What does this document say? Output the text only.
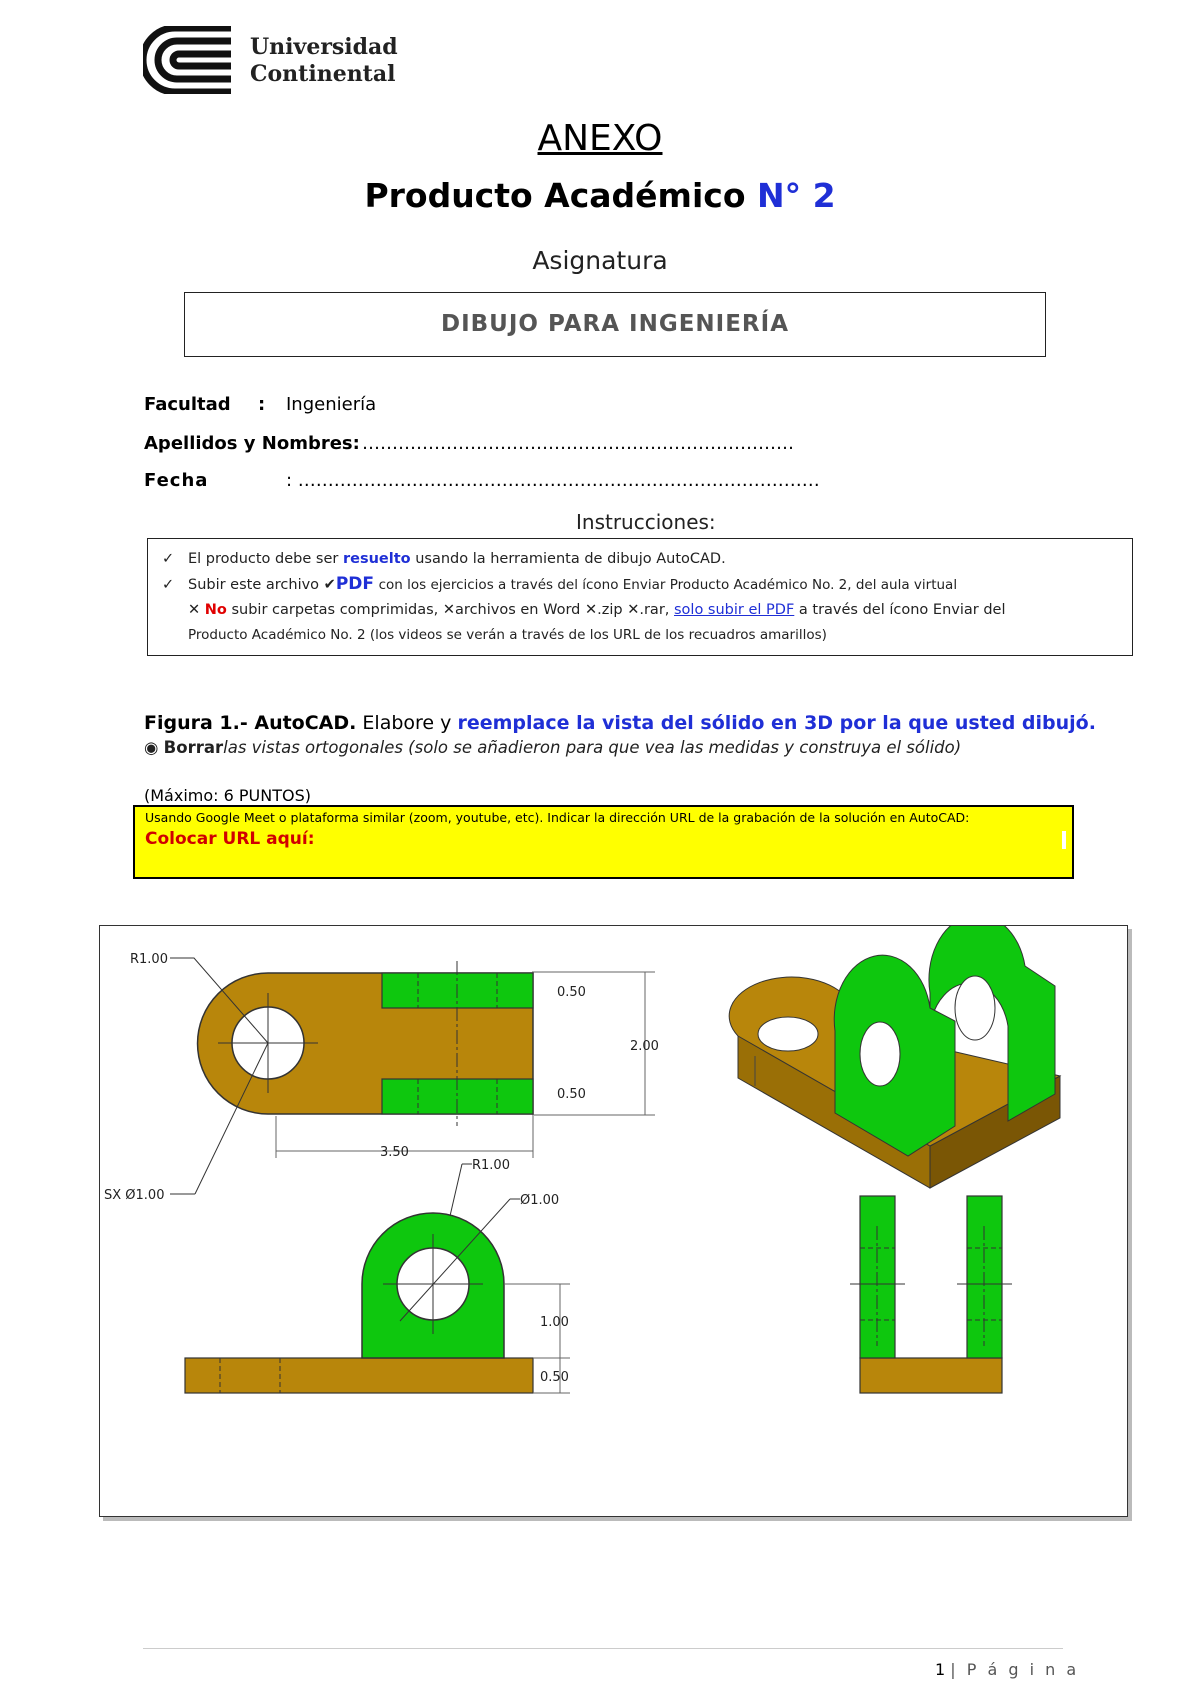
Universidad
Continental
ANEXO
Producto Académico N° 2
Asignatura
DIBUJO PARA INGENIERÍA
Facultad : Ingeniería
Apellidos y Nombres: ………………………………………………………………
Fecha	: ……………………………………………………………………………
Instrucciones:
✓ El producto debe ser resuelto usando la herramienta de dibujo AutoCAD.
✓ Subir este archivo ✔PDF con los ejercicios a través del ícono Enviar Producto Académico No. 2, del aula virtual
✕ No subir carpetas comprimidas, ✕archivos en Word ✕.zip ✕.rar, solo subir el PDF a través del ícono Enviar del
Producto Académico No. 2 (los videos se verán a través de los URL de los recuadros amarillos)
Figura 1.- AutoCAD. Elabore y reemplace la vista del sólido en 3D por la que usted dibujó.
◉ Borrarlas vistas ortogonales (solo se añadieron para que vea las medidas y construya el sólido)
(Máximo: 6 PUNTOS)
Usando Google Meet o plataforma similar (zoom, youtube, etc). Indicar la dirección URL de la grabación de la solución en AutoCAD:
Colocar URL aquí:
R1.00
0.50
2.00
0.50
3.50
SX Ø1.00
R1.00
Ø1.00
1.00
0.50
1 | P á g i n a
